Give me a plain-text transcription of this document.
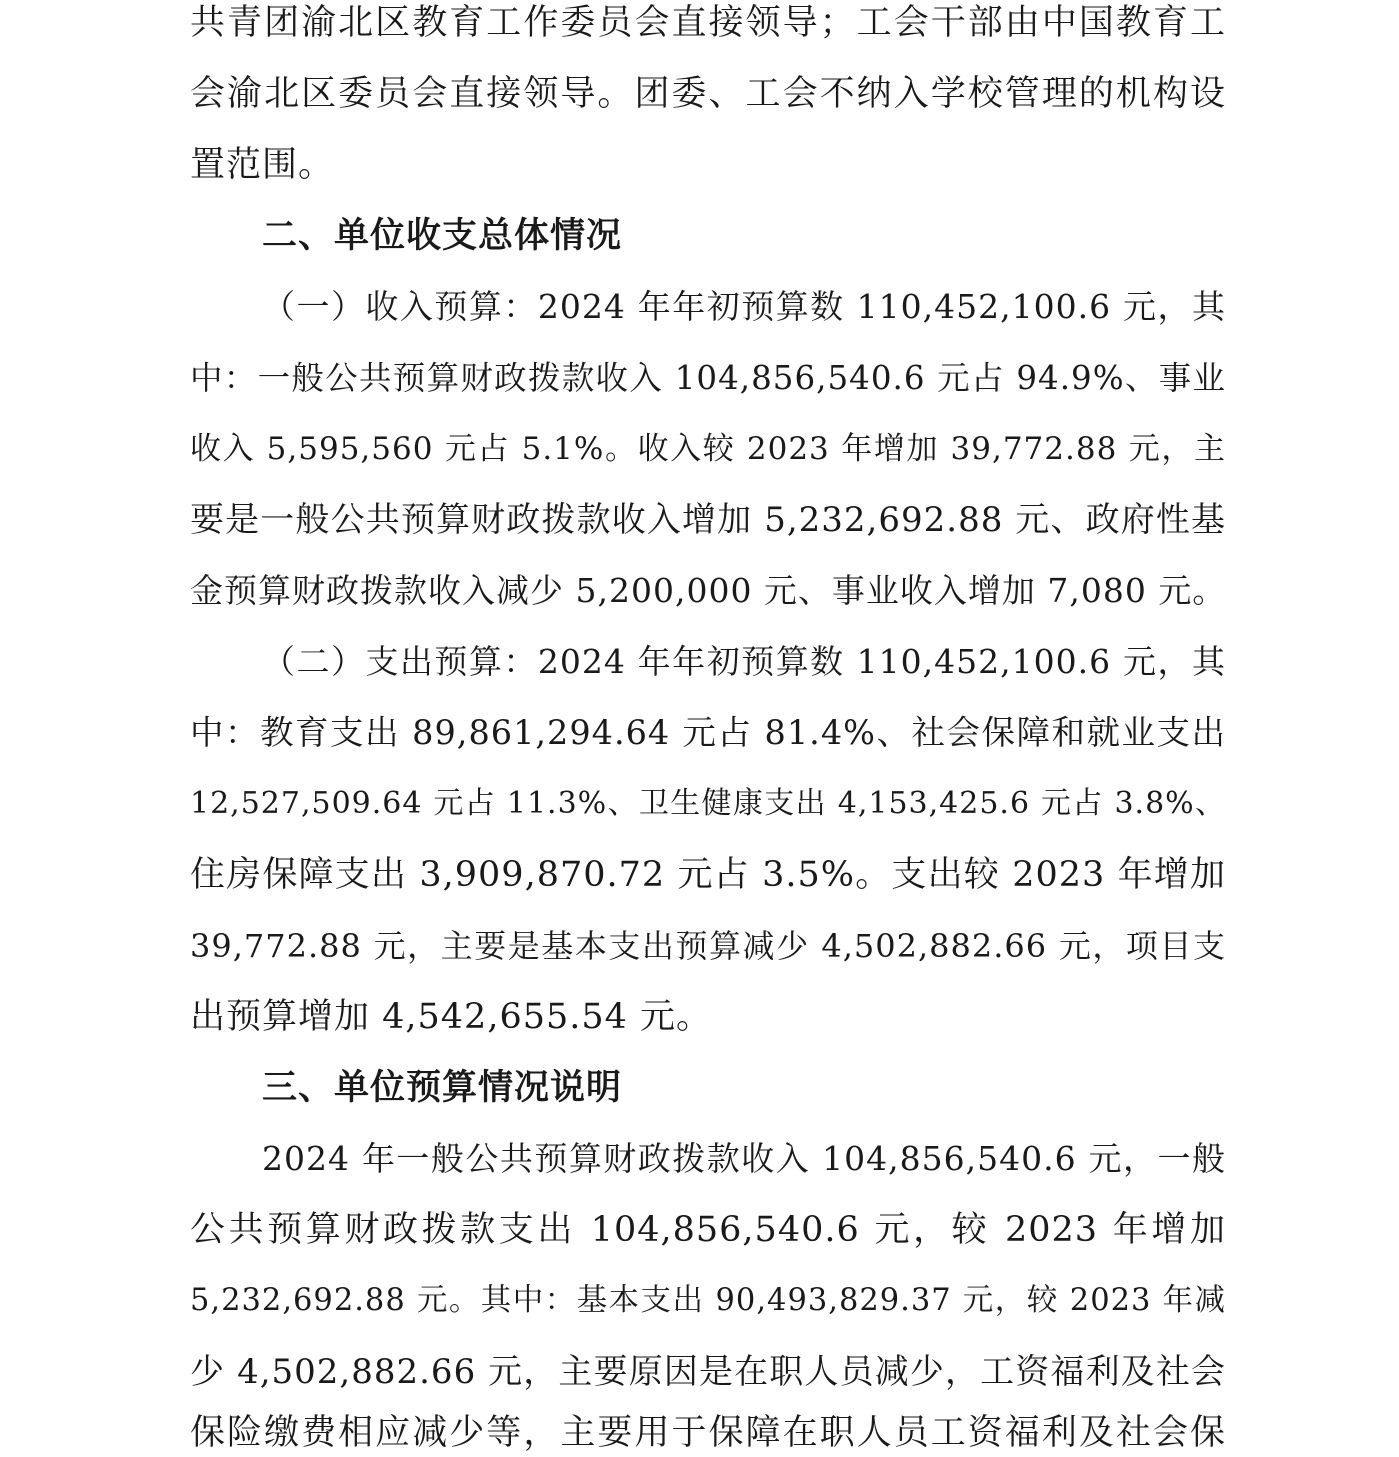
共青团渝北区教育工作委员会直接领导；工会干部由中国教育工
会渝北区委员会直接领导。团委、工会不纳入学校管理的机构设
置范围。
二、单位收支总体情况
（一）收入预算：2024 年年初预算数 110,452,100.6 元，其
中：一般公共预算财政拨款收入 104,856,540.6 元占 94.9%、事业
收入 5,595,560 元占 5.1%。收入较 2023 年增加 39,772.88 元，主
要是一般公共预算财政拨款收入增加 5,232,692.88 元、政府性基
金预算财政拨款收入减少 5,200,000 元、事业收入增加 7,080 元。
（二）支出预算：2024 年年初预算数 110,452,100.6 元，其
中：教育支出 89,861,294.64 元占 81.4%、社会保障和就业支出
12,527,509.64 元占 11.3%、卫生健康支出 4,153,425.6 元占 3.8%、
住房保障支出 3,909,870.72 元占 3.5%。支出较 2023 年增加
39,772.88 元，主要是基本支出预算减少 4,502,882.66 元，项目支
出预算增加 4,542,655.54 元。
三、单位预算情况说明
2024 年一般公共预算财政拨款收入 104,856,540.6 元，一般
公共预算财政拨款支出 104,856,540.6 元，较 2023 年增加
5,232,692.88 元。其中：基本支出 90,493,829.37 元，较 2023 年减
少 4,502,882.66 元，主要原因是在职人员减少，工资福利及社会
保险缴费相应减少等，主要用于保障在职人员工资福利及社会保
